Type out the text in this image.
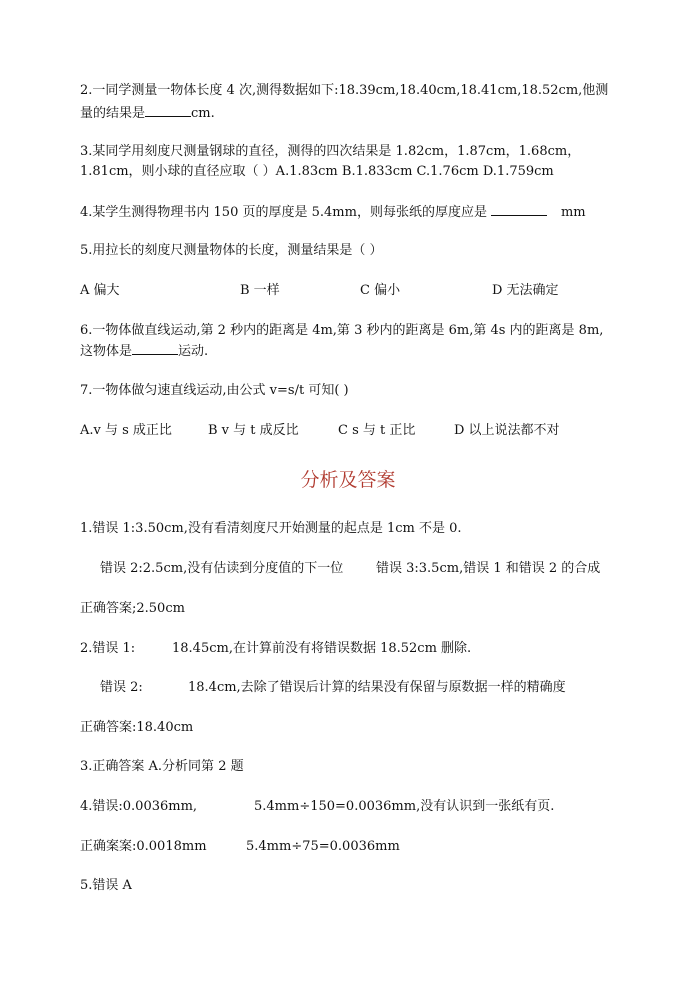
2.一同学测量一物体长度 4 次,测得数据如下:18.39cm,18.40cm,18.41cm,18.52cm,他测
量的结果是	cm.
3.某同学用刻度尺测量钢球的直径，测得的四次结果是 1.82cm，1.87cm，1.68cm，
1.81cm，则小球的直径应取（ ）A.1.83cm B.1.833cm C.1.76cm D.1.759cm
4.某学生测得物理书内 150 页的厚度是 5.4mm，则每张纸的厚度应是	mm
5.用拉长的刻度尺测量物体的长度，测量结果是（ ）
A 偏大	B 一样	C 偏小	D 无法确定
6.一物体做直线运动,第 2 秒内的距离是 4m,第 3 秒内的距离是 6m,第 4s 内的距离是 8m,
这物体是	运动.
7.一物体做匀速直线运动,由公式 v=s/t 可知( )
A.v 与 s 成正比	B v 与 t 成反比	C s 与 t 正比	D 以上说法都不对
分析及答案
1.错误 1:3.50cm,没有看清刻度尺开始测量的起点是 1cm 不是 0.
错误 2:2.5cm,没有估读到分度值的下一位	错误 3:3.5cm,错误 1 和错误 2 的合成
正确答案;2.50cm
2.错误 1:	18.45cm,在计算前没有将错误数据 18.52cm 删除.
错误 2:	18.4cm,去除了错误后计算的结果没有保留与原数据一样的精确度
正确答案:18.40cm
3.正确答案 A.分析同第 2 题
4.错误:0.0036mm,	5.4mm÷150=0.0036mm,没有认识到一张纸有页.
正确案案:0.0018mm	5.4mm÷75=0.0036mm
5.错误 A
